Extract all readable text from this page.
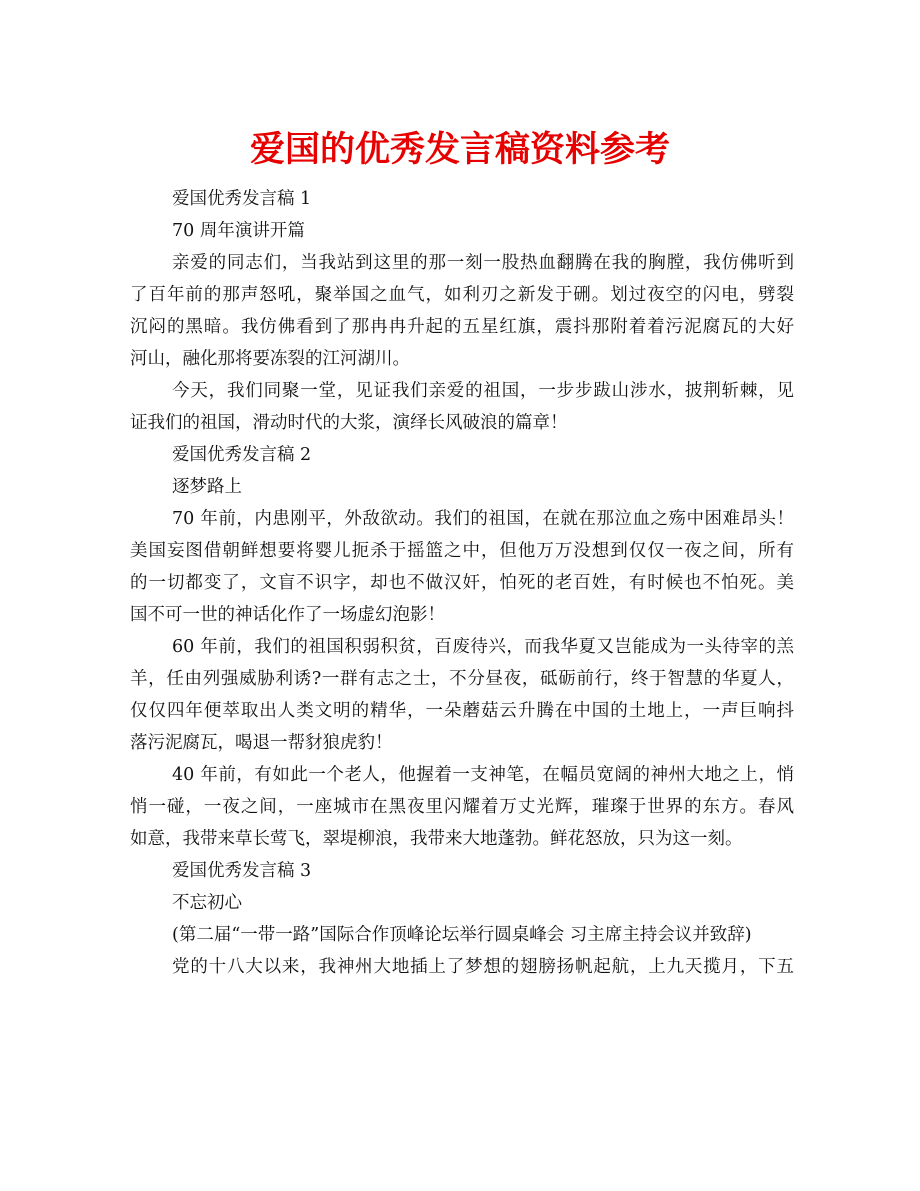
爱国的优秀发言稿资料参考

爱国优秀发言稿 1

70 周年演讲开篇

亲爱的同志们，当我站到这里的那一刻一股热血翻腾在我的胸膛，我仿佛听到

了百年前的那声怒吼，聚举国之血气，如利刃之新发于硎。划过夜空的闪电，劈裂

沉闷的黑暗。我仿佛看到了那冉冉升起的五星红旗，震抖那附着着污泥腐瓦的大好

河山，融化那将要冻裂的江河湖川。

今天，我们同聚一堂，见证我们亲爱的祖国，一步步跋山涉水，披荆斩棘，见

证我们的祖国，滑动时代的大浆，演绎长风破浪的篇章！

爱国优秀发言稿 2

逐梦路上

70 年前，内患刚平，外敌欲动。我们的祖国，在就在那泣血之殇中困难昂头！

美国妄图借朝鲜想要将婴儿扼杀于摇篮之中，但他万万没想到仅仅一夜之间，所有

的一切都变了，文盲不识字，却也不做汉奸，怕死的老百姓，有时候也不怕死。美

国不可一世的神话化作了一场虚幻泡影！

60 年前，我们的祖国积弱积贫，百废待兴，而我华夏又岂能成为一头待宰的羔

羊，任由列强威胁利诱?一群有志之士，不分昼夜，砥砺前行，终于智慧的华夏人，

仅仅四年便萃取出人类文明的精华，一朵蘑菇云升腾在中国的土地上，一声巨响抖

落污泥腐瓦，喝退一帮豺狼虎豹！

40 年前，有如此一个老人，他握着一支神笔，在幅员宽阔的神州大地之上，悄

悄一碰，一夜之间，一座城市在黑夜里闪耀着万丈光辉，璀璨于世界的东方。春风

如意，我带来草长莺飞，翠堤柳浪，我带来大地蓬勃。鲜花怒放，只为这一刻。

爱国优秀发言稿 3

不忘初心

(第二届“一带一路”国际合作顶峰论坛举行圆桌峰会 习主席主持会议并致辞)

党的十八大以来，我神州大地插上了梦想的翅膀扬帆起航，上九天揽月，下五
